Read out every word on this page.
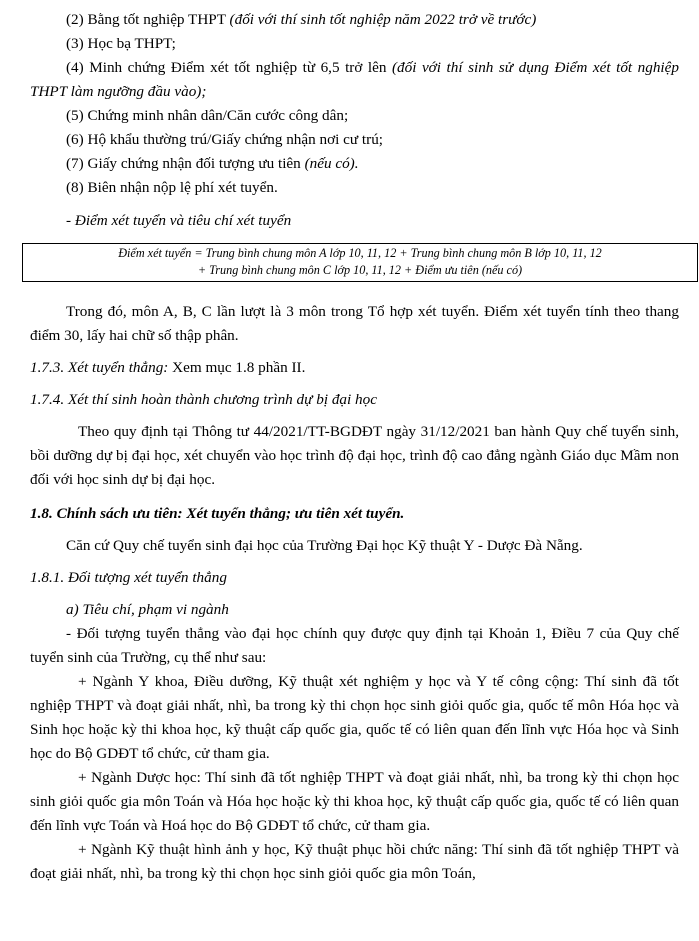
(2) Bằng tốt nghiệp THPT (đối với thí sinh tốt nghiệp năm 2022 trở về trước)

(3) Học bạ THPT;

(4) Minh chứng Điểm xét tốt nghiệp từ 6,5 trở lên (đối với thí sinh sử dụng Điểm xét tốt nghiệp THPT làm ngưỡng đầu vào);

(5) Chứng minh nhân dân/Căn cước công dân;

(6) Hộ khẩu thường trú/Giấy chứng nhận nơi cư trú;

(7) Giấy chứng nhận đối tượng ưu tiên (nếu có).

(8) Biên nhận nộp lệ phí xét tuyển.

- Điểm xét tuyển và tiêu chí xét tuyển

Điểm xét tuyển = Trung bình chung môn A lớp 10, 11, 12 + Trung bình chung môn B lớp 10, 11, 12
+ Trung bình chung môn C lớp 10, 11, 12 + Điểm ưu tiên (nếu có)

Trong đó, môn A, B, C lần lượt là 3 môn trong Tổ hợp xét tuyển. Điểm xét tuyển tính theo thang điểm 30, lấy hai chữ số thập phân.

1.7.3. Xét tuyển thẳng: Xem mục 1.8 phần II.

1.7.4. Xét thí sinh hoàn thành chương trình dự bị đại học

Theo quy định tại Thông tư 44/2021/TT-BGDĐT ngày 31/12/2021 ban hành Quy chế tuyển sinh, bồi dưỡng dự bị đại học, xét chuyển vào học trình độ đại học, trình độ cao đẳng ngành Giáo dục Mầm non đối với học sinh dự bị đại học.

1.8. Chính sách ưu tiên: Xét tuyển thẳng; ưu tiên xét tuyển.

Căn cứ Quy chế tuyển sinh đại học của Trường Đại học Kỹ thuật Y - Dược Đà Nẵng.

1.8.1. Đối tượng xét tuyển thẳng

a) Tiêu chí, phạm vi ngành

- Đối tượng tuyển thẳng vào đại học chính quy được quy định tại Khoản 1, Điều 7 của Quy chế tuyển sinh của Trường, cụ thể như sau:

+ Ngành Y khoa, Điều dưỡng, Kỹ thuật xét nghiệm y học và Y tế công cộng: Thí sinh đã tốt nghiệp THPT và đoạt giải nhất, nhì, ba trong kỳ thi chọn học sinh giỏi quốc gia, quốc tế môn Hóa học và Sinh học hoặc kỳ thi khoa học, kỹ thuật cấp quốc gia, quốc tế có liên quan đến lĩnh vực Hóa học và Sinh học do Bộ GDĐT tổ chức, cử tham gia.

+ Ngành Dược học: Thí sinh đã tốt nghiệp THPT và đoạt giải nhất, nhì, ba trong kỳ thi chọn học sinh giỏi quốc gia môn Toán và Hóa học hoặc kỳ thi khoa học, kỹ thuật cấp quốc gia, quốc tế có liên quan đến lĩnh vực Toán và Hoá học do Bộ GDĐT tổ chức, cử tham gia.

+ Ngành Kỹ thuật hình ảnh y học, Kỹ thuật phục hồi chức năng: Thí sinh đã tốt nghiệp THPT và đoạt giải nhất, nhì, ba trong kỳ thi chọn học sinh giỏi quốc gia môn Toán,
